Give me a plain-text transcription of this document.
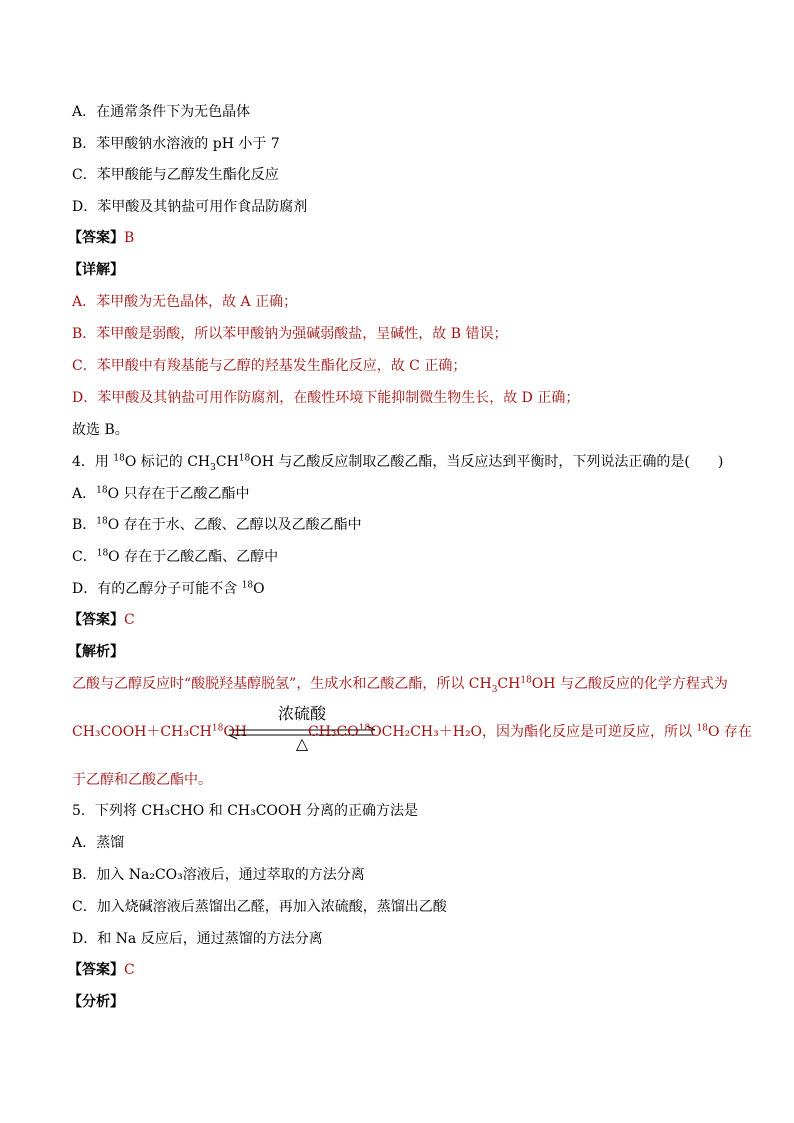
A．在通常条件下为无色晶体
B．苯甲酸钠水溶液的 pH 小于 7
C．苯甲酸能与乙醇发生酯化反应
D．苯甲酸及其钠盐可用作食品防腐剂
【答案】B
【详解】
A．苯甲酸为无色晶体，故 A 正确；
B．苯甲酸是弱酸，所以苯甲酸钠为强碱弱酸盐，呈碱性，故 B 错误；
C．苯甲酸中有羧基能与乙醇的羟基发生酯化反应，故 C 正确；
D．苯甲酸及其钠盐可用作防腐剂，在酸性环境下能抑制微生物生长，故 D 正确；
故选 B。
4．用 $^{18}$O 标记的 $CH_3CH^{18}OH$ 与乙酸反应制取乙酸乙酯，当反应达到平衡时，下列说法正确的是(　　)
A．$^{18}$O 只存在于乙酸乙酯中
B．$^{18}$O 存在于水、乙酸、乙醇以及乙酸乙酯中
C．$^{18}$O 存在于乙酸乙酯、乙醇中
D．有的乙醇分子可能不含 $^{18}$O
【答案】C
【解析】
乙酸与乙醇反应时“酸脱羟基醇脱氢”，生成水和乙酸乙酯，所以 $CH_3CH^{18}OH$ 与乙酸反应的化学方程式为
$CH_3COOH+CH_3CH^{18}OH$
浓硫酸
△
$CH_3CO^{18}OCH_2CH_3+H_2O$，因为酯化反应是可逆反应，所以 $^{18}$O 存在
于乙醇和乙酸乙酯中。
5．下列将 CH₃CHO 和 CH₃COOH 分离的正确方法是
A．蒸馏
B．加入 Na₂CO₃溶液后，通过萃取的方法分离
C．加入烧碱溶液后蒸馏出乙醛，再加入浓硫酸，蒸馏出乙酸
D．和 Na 反应后，通过蒸馏的方法分离
【答案】C
【分析】
